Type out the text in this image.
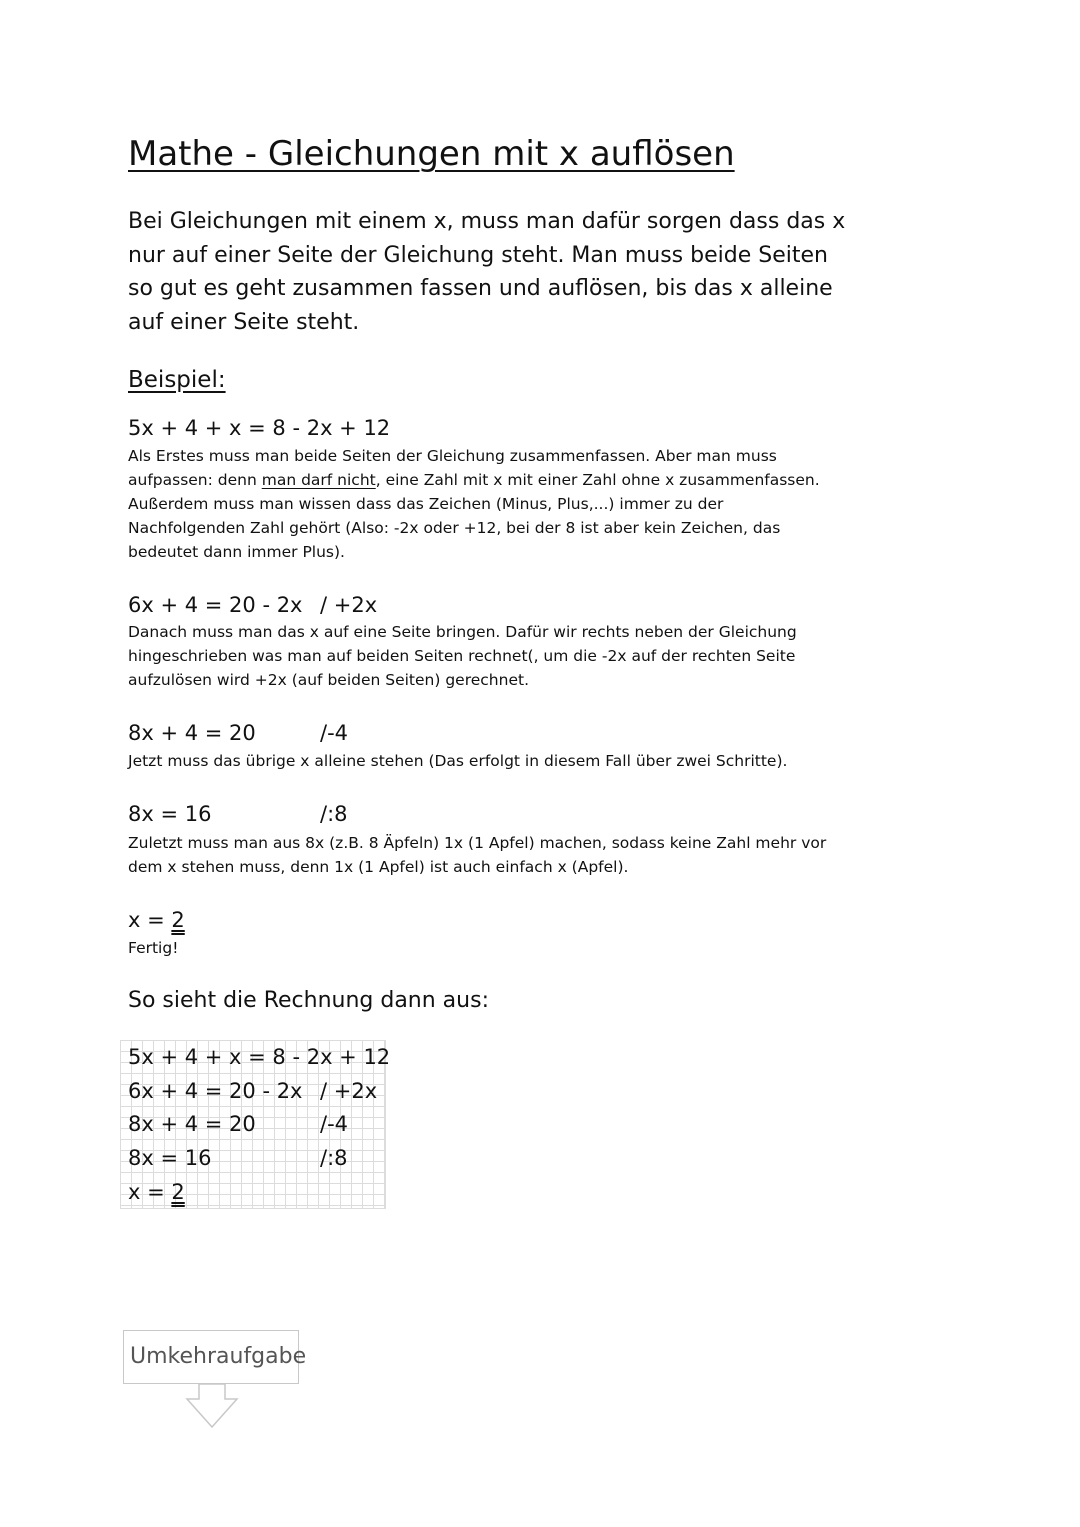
Mathe - Gleichungen mit x auflösen
Bei Gleichungen mit einem x, muss man dafür sorgen dass das x
nur auf einer Seite der Gleichung steht. Man muss beide Seiten
so gut es geht zusammen fassen und auflösen, bis das x alleine
auf einer Seite steht.
Beispiel:
5x + 4 + x = 8 - 2x + 12
Als Erstes muss man beide Seiten der Gleichung zusammenfassen. Aber man muss
aufpassen: denn man darf nicht, eine Zahl mit x mit einer Zahl ohne x zusammenfassen.
Außerdem muss man wissen dass das Zeichen (Minus, Plus,...) immer zu der
Nachfolgenden Zahl gehört (Also: -2x oder +12, bei der 8 ist aber kein Zeichen, das
bedeutet dann immer Plus).
6x + 4 = 20 - 2x / +2x
Danach muss man das x auf eine Seite bringen. Dafür wir rechts neben der Gleichung
hingeschrieben was man auf beiden Seiten rechnet(, um die -2x auf der rechten Seite
aufzulösen wird +2x (auf beiden Seiten) gerechnet.
8x + 4 = 20	/-4
Jetzt muss das übrige x alleine stehen (Das erfolgt in diesem Fall über zwei Schritte).
8x = 16	/:8
Zuletzt muss man aus 8x (z.B. 8 Äpfeln) 1x (1 Apfel) machen, sodass keine Zahl mehr vor
dem x stehen muss, denn 1x (1 Apfel) ist auch einfach x (Apfel).
x = 2
Fertig!
So sieht die Rechnung dann aus:
5x + 4 + x = 8 - 2x + 12
6x + 4 = 20 - 2x / +2x
8x + 4 = 20	/-4
8x = 16	/:8
x = 2
Umkehraufgabe
